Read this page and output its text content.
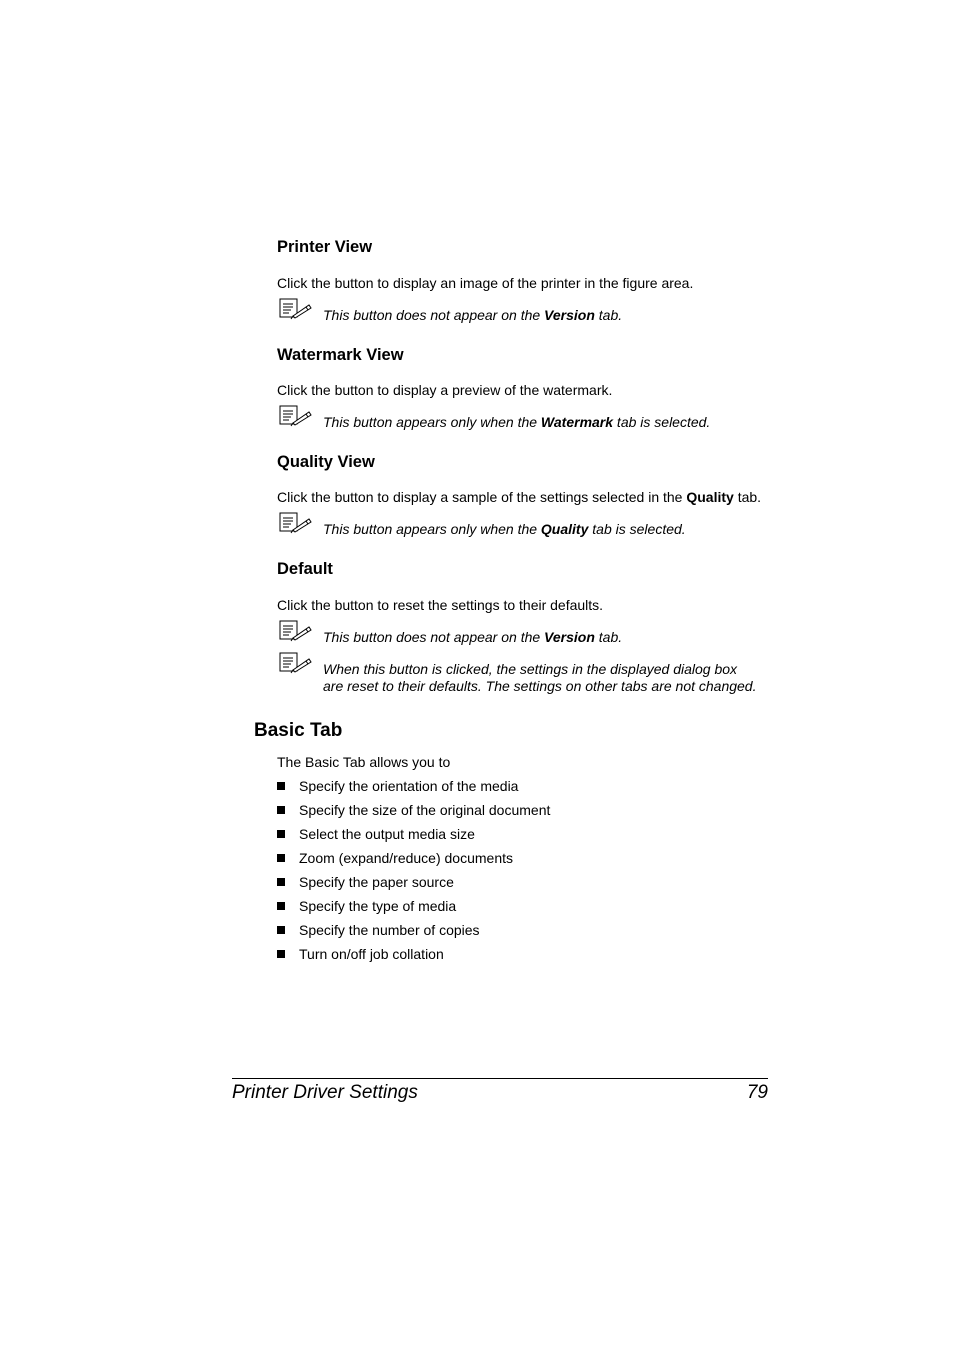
Printer View
Click the button to display an image of the printer in the figure area.
This button does not appear on the Version tab.
Watermark View
Click the button to display a preview of the watermark.
This button appears only when the Watermark tab is selected.
Quality View
Click the button to display a sample of the settings selected in the Quality tab.
This button appears only when the Quality tab is selected.
Default
Click the button to reset the settings to their defaults.
This button does not appear on the Version tab.
When this button is clicked, the settings in the displayed dialog box
are reset to their defaults. The settings on other tabs are not changed.
Basic Tab
The Basic Tab allows you to
Specify the orientation of the media
Specify the size of the original document
Select the output media size
Zoom (expand/reduce) documents
Specify the paper source
Specify the type of media
Specify the number of copies
Turn on/off job collation
Printer Driver Settings	79
